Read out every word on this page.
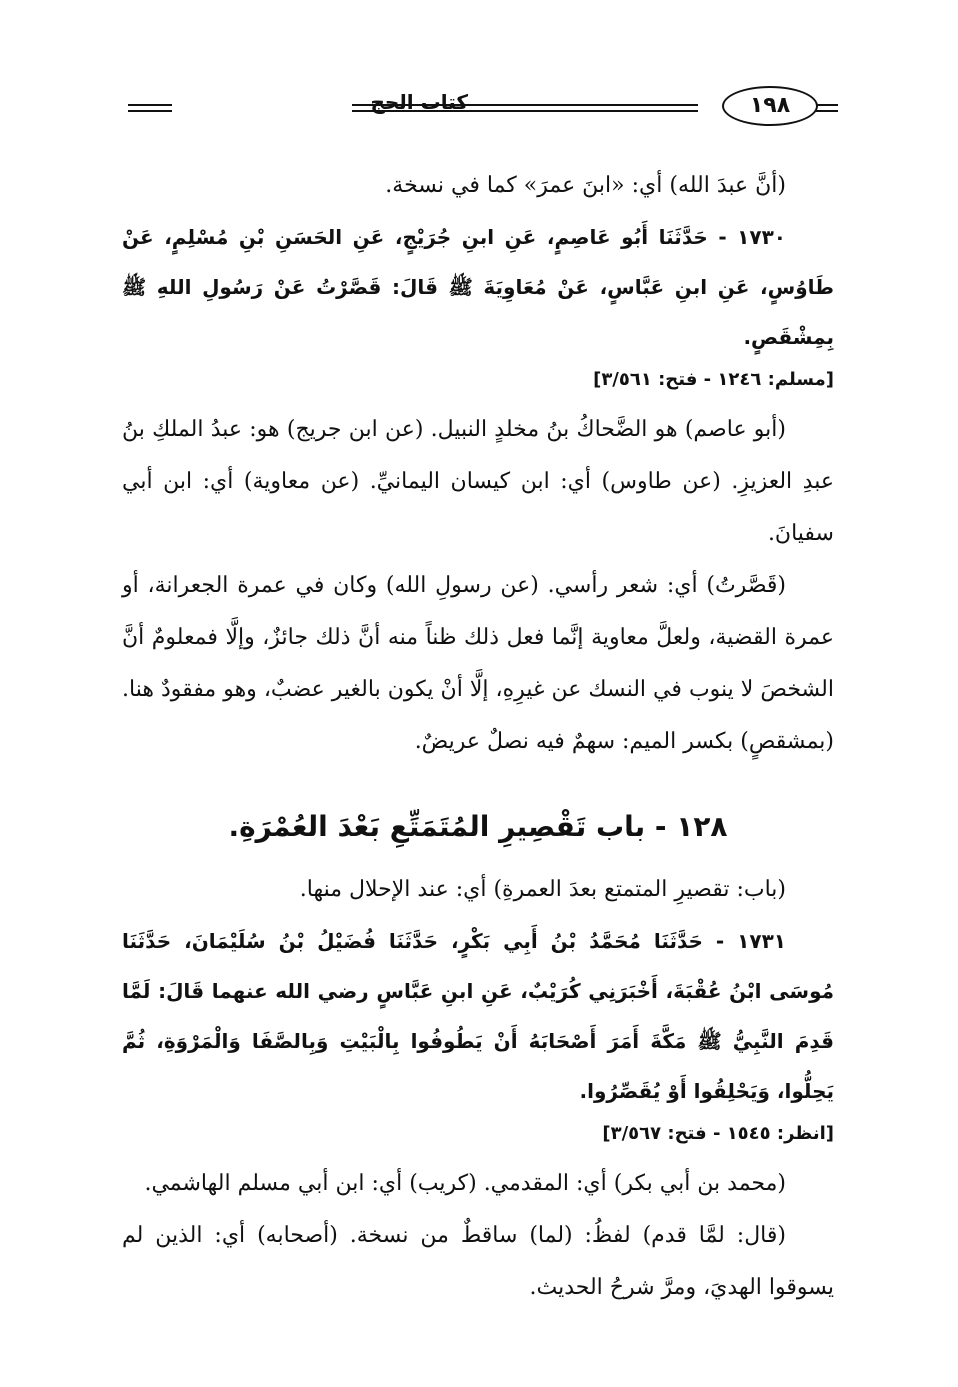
كتاب الحج	١٩٨

(أنَّ عبدَ الله) أي: «ابنَ عمرَ» كما في نسخة.

١٧٣٠ - حَدَّثَنَا أَبُو عَاصِمٍ، عَنِ ابنِ جُرَيْجٍ، عَنِ الحَسَنِ بْنِ مُسْلِمٍ، عَنْ طَاوُسٍ، عَنِ ابنِ عَبَّاسٍ، عَنْ مُعَاوِيَةَ ﷺ قَالَ: قَصَّرْتُ عَنْ رَسُولِ اللهِ ﷺ بِمِشْقَصٍ.

[مسلم: ١٢٤٦ - فتح: ٣/٥٦١]

(أبو عاصم) هو الضَّحاكُ بنُ مخلدٍ النبيل. (عن ابن جريج) هو: عبدُ الملكِ بنُ عبدِ العزيزِ. (عن طاوس) أي: ابن كيسان اليمانيِّ. (عن معاوية) أي: ابن أبي سفيانَ.

(قَصَّرتُ) أي: شعر رأسي. (عن رسولِ الله) وكان في عمرة الجعرانة، أو عمرة القضية، ولعلَّ معاوية إنَّما فعل ذلك ظناً منه أنَّ ذلك جائزٌ، وإلَّا فمعلومٌ أنَّ الشخصَ لا ينوب في النسك عن غيرِهِ، إلَّا أنْ يكون بالغير عضبٌ، وهو مفقودٌ هنا. (بمشقصٍ) بكسر الميم: سهمٌ فيه نصلٌ عريضٌ.

١٢٨ - باب تَقْصِيرِ المُتَمَتِّعِ بَعْدَ العُمْرَةِ.

(باب: تقصيرِ المتمتع بعدَ العمرةِ) أي: عند الإحلال منها.

١٧٣١ - حَدَّثَنَا مُحَمَّدُ بْنُ أَبِي بَكْرٍ، حَدَّثَنَا فُضَيْلُ بْنُ سُلَيْمَانَ، حَدَّثَنَا مُوسَى ابْنُ عُقْبَةَ، أَخْبَرَنِي كُرَيْبٌ، عَنِ ابنِ عَبَّاسٍ رضي الله عنهما قَالَ: لَمَّا قَدِمَ النَّبِيُّ ﷺ مَكَّةَ أَمَرَ أَصْحَابَهُ أَنْ يَطُوفُوا بِالْبَيْتِ وَبِالصَّفَا وَالْمَرْوَةِ، ثُمَّ يَحِلُّوا، وَيَحْلِقُوا أَوْ يُقَصِّرُوا.

[انظر: ١٥٤٥ - فتح: ٣/٥٦٧]

(محمد بن أبي بكر) أي: المقدمي. (كريب) أي: ابن أبي مسلم الهاشمي.

(قال: لمَّا قدم) لفظُ: (لما) ساقطٌ من نسخة. (أصحابه) أي: الذين لم يسوقوا الهديَ، ومرَّ شرحُ الحديث.
